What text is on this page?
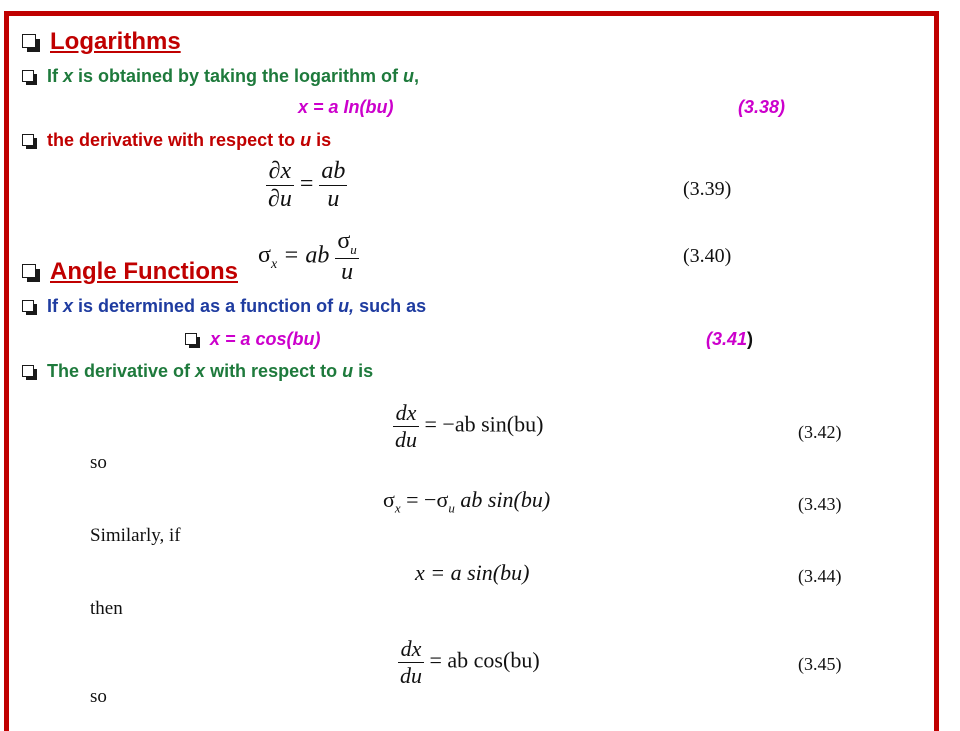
Logarithms
If x is obtained by taking the logarithm of u,
x = a In(bu)	(3.38)
the derivative with respect to u is
$\frac{\partial x}{\partial u} = \frac{ab}{u}$	(3.39)
$\sigma_x$ = ab $\frac{\sigma_u}{u}$	(3.40)
Angle Functions
If x is determined as a function of u, such as
x = a cos(bu)	(3.41)
The derivative of x with respect to u is
$\frac{dx}{du} = -ab$ sin(bu)	(3.42)
so
$\sigma_x = -\sigma_u$ ab sin(bu)	(3.43)
Similarly, if
x = a sin(bu)	(3.44)
then
$\frac{dx}{du}$ = ab cos(bu)	(3.45)
so
